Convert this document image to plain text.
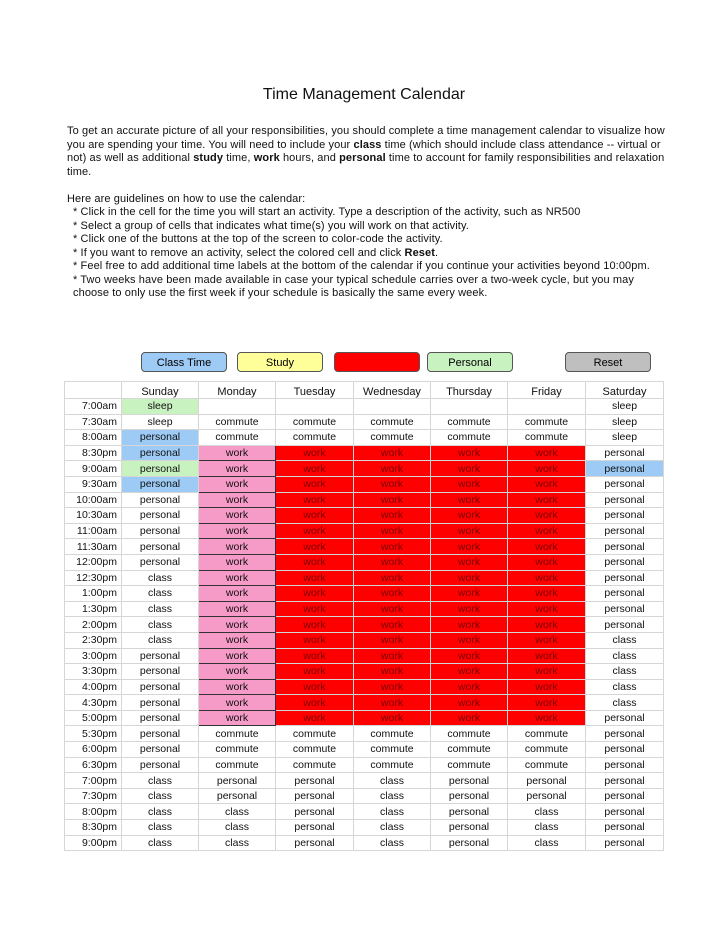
Time Management Calendar

To get an accurate picture of all your responsibilities, you should complete a time management calendar to visualize how you are spending your time. You will need to include your class time (which should include class attendance -- virtual or not) as well as additional study time, work hours, and personal time to account for family responsibilities and relaxation time.

Here are guidelines on how to use the calendar:
* Click in the cell for the time you will start an activity. Type a description of the activity, such as NR500
* Select a group of cells that indicates what time(s) you will work on that activity.
* Click one of the buttons at the top of the screen to color-code the activity.
* If you want to remove an activity, select the colored cell and click Reset.
* Feel free to add additional time labels at the bottom of the calendar if you continue your activities beyond 10:00pm.
* Two weeks have been made available in case your typical schedule carries over a two-week cycle, but you may choose to only use the first week if your schedule is basically the same every week.
Class Time	Study	Personal	Reset
	Sunday	Monday	Tuesday	Wednesday	Thursday	Friday	Saturday
7:00am	sleep						sleep
7:30am	sleep	commute	commute	commute	commute	commute	sleep
8:00am	personal	commute	commute	commute	commute	commute	sleep
8:30pm	personal	work	work	work	work	work	personal
9:00am	personal	work	work	work	work	work	personal
9:30am	personal	work	work	work	work	work	personal
10:00am	personal	work	work	work	work	work	personal
10:30am	personal	work	work	work	work	work	personal
11:00am	personal	work	work	work	work	work	personal
11:30am	personal	work	work	work	work	work	personal
12:00pm	personal	work	work	work	work	work	personal
12:30pm	class	work	work	work	work	work	personal
1:00pm	class	work	work	work	work	work	personal
1:30pm	class	work	work	work	work	work	personal
2:00pm	class	work	work	work	work	work	personal
2:30pm	class	work	work	work	work	work	class
3:00pm	personal	work	work	work	work	work	class
3:30pm	personal	work	work	work	work	work	class
4:00pm	personal	work	work	work	work	work	class
4:30pm	personal	work	work	work	work	work	class
5:00pm	personal	work	work	work	work	work	personal
5:30pm	personal	commute	commute	commute	commute	commute	personal
6:00pm	personal	commute	commute	commute	commute	commute	personal
6:30pm	personal	commute	commute	commute	commute	commute	personal
7:00pm	class	personal	personal	class	personal	personal	personal
7:30pm	class	personal	personal	class	personal	personal	personal
8:00pm	class	class	personal	class	personal	class	personal
8:30pm	class	class	personal	class	personal	class	personal
9:00pm	class	class	personal	class	personal	class	personal
